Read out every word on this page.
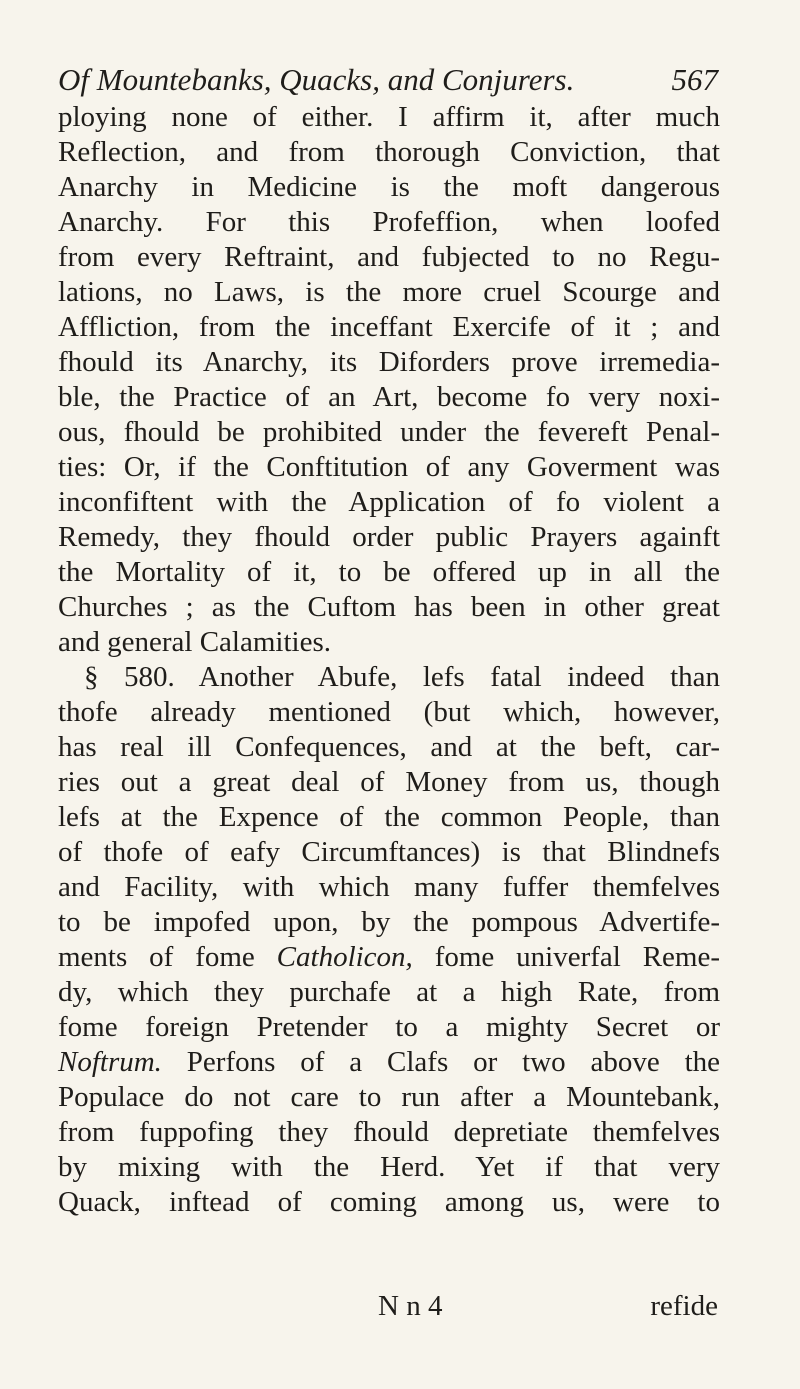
Of Mountebanks, Quacks, and Conjurers.	567
ploying none of either. I affirm it, after much
Reflection, and from thorough Conviction, that
Anarchy in Medicine is the moft dangerous
Anarchy. For this Profeffion, when loofed
from every Reftraint, and fubjected to no Regu-
lations, no Laws, is the more cruel Scourge and
Affliction, from the inceffant Exercife of it ; and
fhould its Anarchy, its Diforders prove irremedia-
ble, the Practice of an Art, become fo very noxi-
ous, fhould be prohibited under the fevereft Penal-
ties: Or, if the Conftitution of any Goverment was
inconfiftent with the Application of fo violent a
Remedy, they fhould order public Prayers againft
the Mortality of it, to be offered up in all the
Churches ; as the Cuftom has been in other great
and general Calamities.
§ 580. Another Abufe, lefs fatal indeed than
thofe already mentioned (but which, however,
has real ill Confequences, and at the beft, car-
ries out a great deal of Money from us, though
lefs at the Expence of the common People, than
of thofe of eafy Circumftances) is that Blindnefs
and Facility, with which many fuffer themfelves
to be impofed upon, by the pompous Advertife-
ments of fome Catholicon, fome univerfal Reme-
dy, which they purchafe at a high Rate, from
fome foreign Pretender to a mighty Secret or
Noftrum. Perfons of a Clafs or two above the
Populace do not care to run after a Mountebank,
from fuppofing they fhould depretiate themfelves
by mixing with the Herd. Yet if that very
Quack, inftead of coming among us, were to
N n 4	refide
